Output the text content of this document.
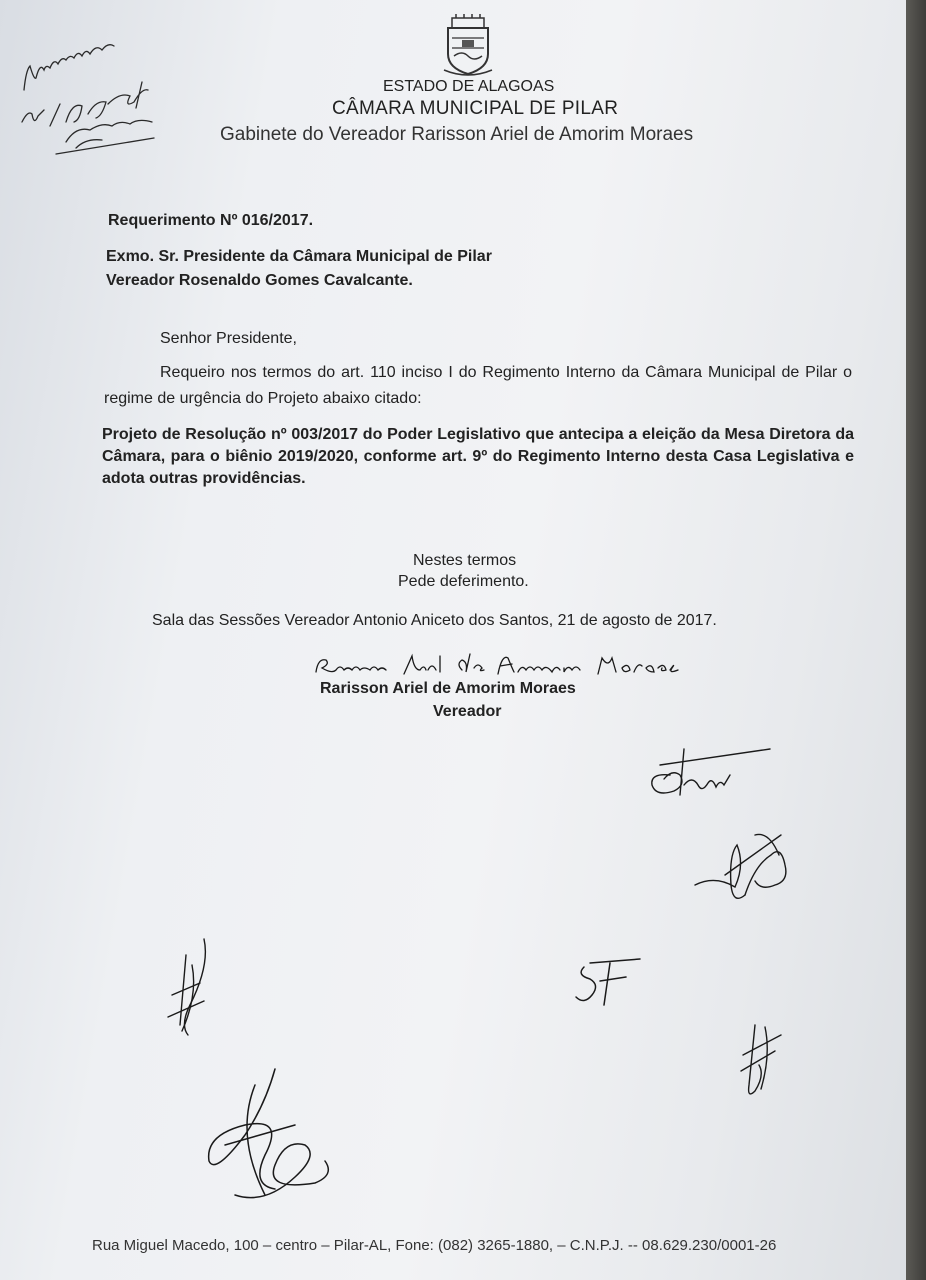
ESTADO DE ALAGOAS

CÂMARA MUNICIPAL DE PILAR

Gabinete do Vereador Rarisson Ariel de Amorim Moraes

Requerimento Nº 016/2017.

Exmo. Sr. Presidente da Câmara Municipal de Pilar

Vereador Rosenaldo Gomes Cavalcante.

Senhor Presidente,

Requeiro nos termos do art. 110 inciso I do Regimento Interno da Câmara Municipal de Pilar o regime de urgência do Projeto abaixo citado:

Projeto de Resolução nº 003/2017 do Poder Legislativo que antecipa a eleição da Mesa Diretora da Câmara, para o biênio 2019/2020, conforme art. 9º do Regimento Interno desta Casa Legislativa e adota outras providências.

Nestes termos

Pede deferimento.

Sala das Sessões Vereador Antonio Aniceto dos Santos, 21 de agosto de 2017.

Rarisson Ariel de Amorim Moraes

Vereador

Rua Miguel Macedo, 100 – centro – Pilar-AL, Fone: (082) 3265-1880, – C.N.P.J. -- 08.629.230/0001-26
